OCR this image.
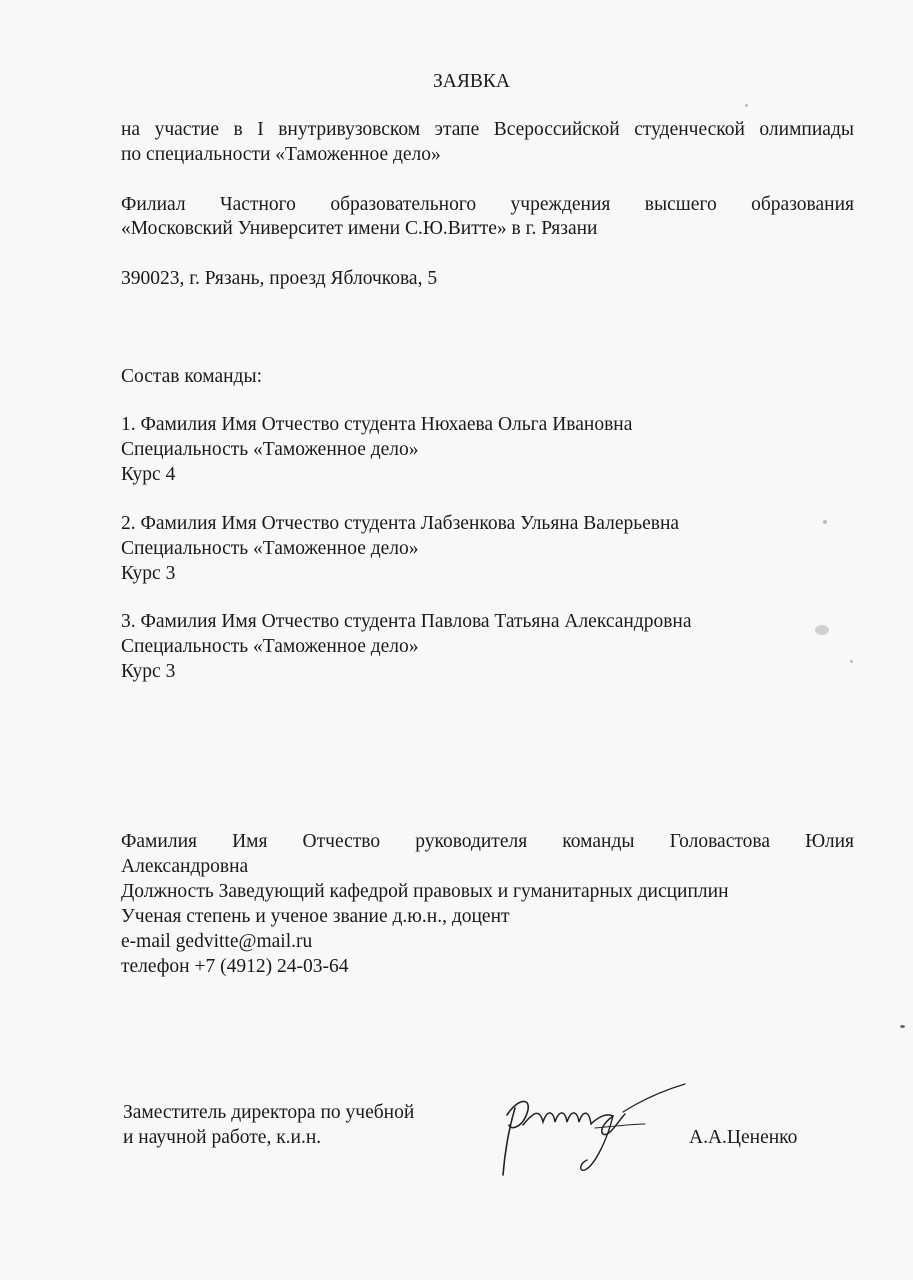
ЗАЯВКА
на участие в I внутривузовском этапе Всероссийской студенческой олимпиады
по специальности «Таможенное дело»
Филиал Частного образовательного учреждения высшего образования
«Московский Университет имени С.Ю.Витте» в г. Рязани
390023, г. Рязань, проезд Яблочкова, 5
Состав команды:
1. Фамилия Имя Отчество студента Нюхаева Ольга Ивановна
Специальность «Таможенное дело»
Курс 4
2. Фамилия Имя Отчество студента Лабзенкова Ульяна Валерьевна
Специальность «Таможенное дело»
Курс 3
3. Фамилия Имя Отчество студента Павлова Татьяна Александровна
Специальность «Таможенное дело»
Курс 3
Фамилия Имя Отчество руководителя команды Головастова Юлия
Александровна
Должность Заведующий кафедрой правовых и гуманитарных дисциплин
Ученая степень и ученое звание д.ю.н., доцент
e-mail gedvitte@mail.ru
телефон +7 (4912) 24-03-64
Заместитель директора по учебной
и научной работе, к.и.н.	А.А.Цененко
